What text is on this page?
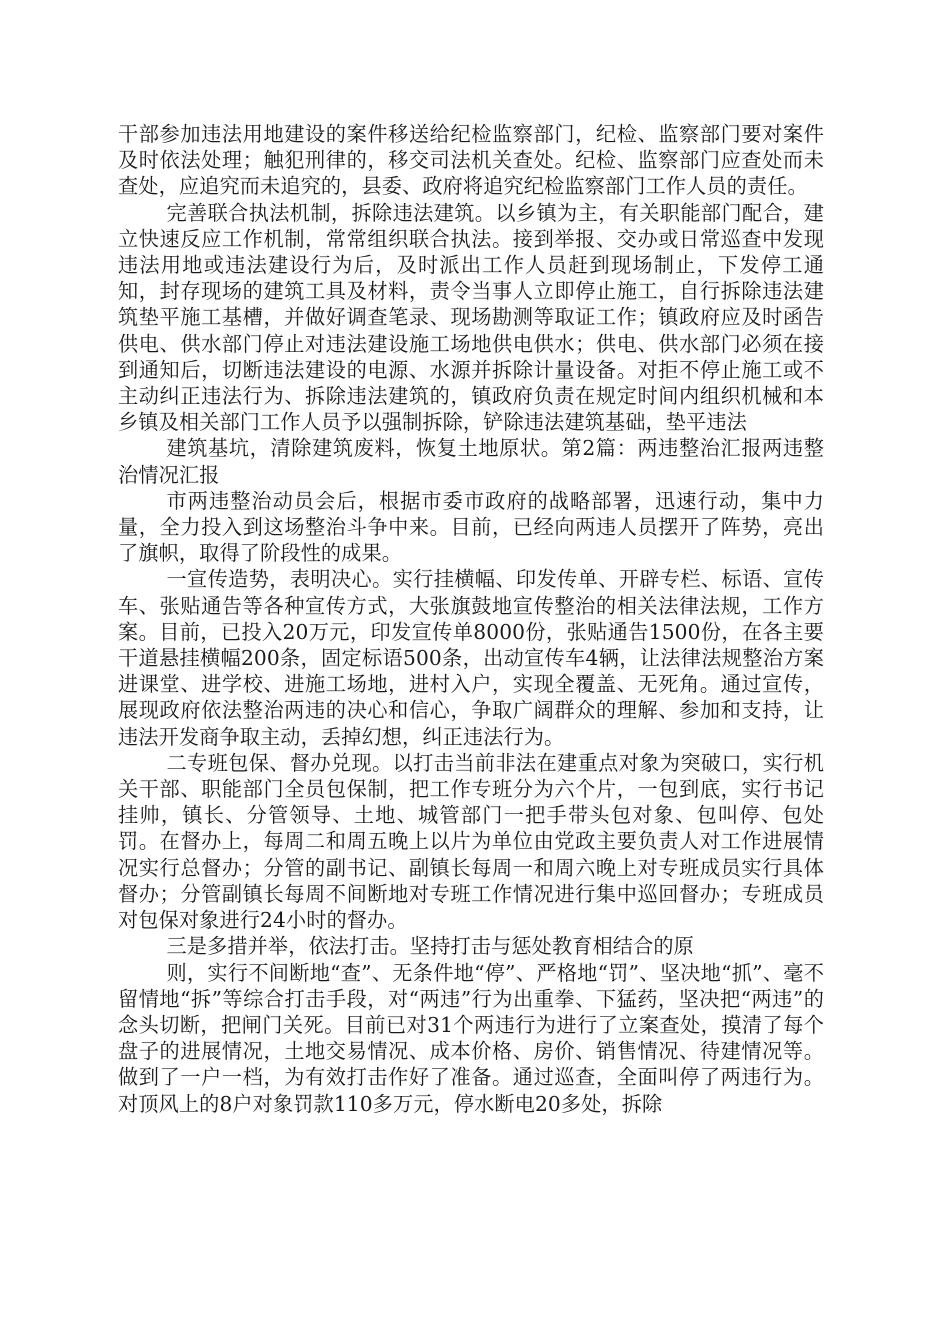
干部参加违法用地建设的案件移送给纪检监察部门，纪检、监察部门要对案件及时依法处理；触犯刑律的，移交司法机关查处。纪检、监察部门应查处而未查处，应追究而未追究的，县委、政府将追究纪检监察部门工作人员的责任。

完善联合执法机制，拆除违法建筑。以乡镇为主，有关职能部门配合，建立快速反应工作机制，常常组织联合执法。接到举报、交办或日常巡查中发现违法用地或违法建设行为后，及时派出工作人员赶到现场制止，下发停工通知，封存现场的建筑工具及材料，责令当事人立即停止施工，自行拆除违法建筑垫平施工基槽，并做好调查笔录、现场勘测等取证工作；镇政府应及时函告供电、供水部门停止对违法建设施工场地供电供水；供电、供水部门必须在接到通知后，切断违法建设的电源、水源并拆除计量设备。对拒不停止施工或不主动纠正违法行为、拆除违法建筑的，镇政府负责在规定时间内组织机械和本乡镇及相关部门工作人员予以强制拆除，铲除违法建筑基础，垫平违法

建筑基坑，清除建筑废料，恢复土地原状。第2篇：两违整治汇报两违整治情况汇报

市两违整治动员会后，根据市委市政府的战略部署，迅速行动，集中力量，全力投入到这场整治斗争中来。目前，已经向两违人员摆开了阵势，亮出了旗帜，取得了阶段性的成果。

一宣传造势，表明决心。实行挂横幅、印发传单、开辟专栏、标语、宣传车、张贴通告等各种宣传方式，大张旗鼓地宣传整治的相关法律法规，工作方案。目前，已投入20万元，印发宣传单8000份，张贴通告1500份，在各主要干道悬挂横幅200条，固定标语500条，出动宣传车4辆，让法律法规整治方案进课堂、进学校、进施工场地，进村入户，实现全覆盖、无死角。通过宣传，展现政府依法整治两违的决心和信心，争取广阔群众的理解、参加和支持，让违法开发商争取主动，丢掉幻想，纠正违法行为。

二专班包保、督办兑现。以打击当前非法在建重点对象为突破口，实行机关干部、职能部门全员包保制，把工作专班分为六个片，一包到底，实行书记挂帅，镇长、分管领导、土地、城管部门一把手带头包对象、包叫停、包处罚。在督办上，每周二和周五晚上以片为单位由党政主要负责人对工作进展情况实行总督办；分管的副书记、副镇长每周一和周六晚上对专班成员实行具体督办；分管副镇长每周不间断地对专班工作情况进行集中巡回督办；专班成员对包保对象进行24小时的督办。

三是多措并举，依法打击。坚持打击与惩处教育相结合的原

则，实行不间断地“查”、无条件地“停”、严格地“罚”、坚决地“抓”、毫不留情地“拆”等综合打击手段，对“两违”行为出重拳、下猛药，坚决把“两违”的念头切断，把闸门关死。目前已对31个两违行为进行了立案查处，摸清了每个盘子的进展情况，土地交易情况、成本价格、房价、销售情况、待建情况等。做到了一户一档，为有效打击作好了准备。通过巡查，全面叫停了两违行为。对顶风上的8户对象罚款110多万元，停水断电20多处，拆除
